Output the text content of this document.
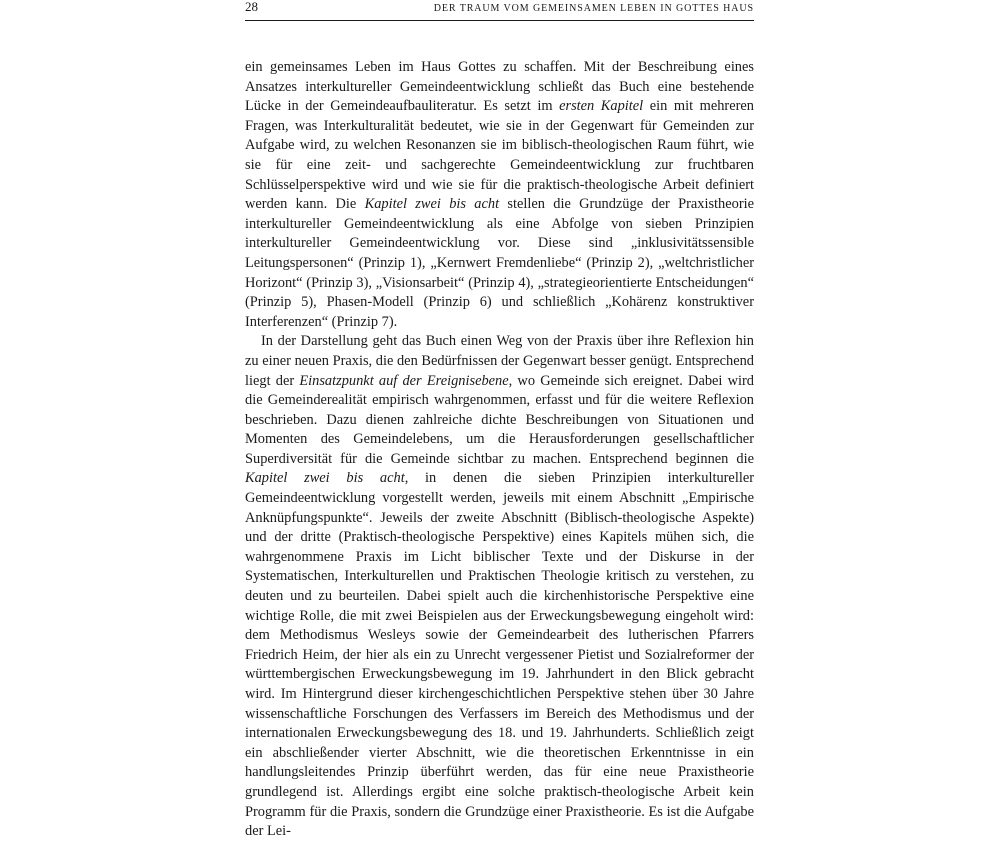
28	DER TRAUM VOM GEMEINSAMEN LEBEN IN GOTTES HAUS

ein gemeinsames Leben im Haus Gottes zu schaffen. Mit der Beschreibung eines Ansatzes interkultureller Gemeindeentwicklung schließt das Buch eine bestehende Lücke in der Gemeindeaufbauliteratur. Es setzt im ersten Kapitel ein mit mehreren Fragen, was Interkulturalität bedeutet, wie sie in der Gegenwart für Gemeinden zur Aufgabe wird, zu welchen Resonanzen sie im biblisch-theologischen Raum führt, wie sie für eine zeit- und sachgerechte Gemeindeentwicklung zur fruchtbaren Schlüsselperspektive wird und wie sie für die praktisch-theologische Arbeit definiert werden kann. Die Kapitel zwei bis acht stellen die Grundzüge der Praxistheorie interkultureller Gemeindeentwicklung als eine Abfolge von sieben Prinzipien interkultureller Gemeindeentwicklung vor. Diese sind „inklusivitätssensible Leitungspersonen“ (Prinzip 1), „Kernwert Fremdenliebe“ (Prinzip 2), „weltchristlicher Horizont“ (Prinzip 3), „Visionsarbeit“ (Prinzip 4), „strategieorientierte Entscheidungen“ (Prinzip 5), Phasen-Modell (Prinzip 6) und schließlich „Kohärenz konstruktiver Interferenzen“ (Prinzip 7).

In der Darstellung geht das Buch einen Weg von der Praxis über ihre Reflexion hin zu einer neuen Praxis, die den Bedürfnissen der Gegenwart besser genügt. Entsprechend liegt der Einsatzpunkt auf der Ereignisebene, wo Gemeinde sich ereignet. Dabei wird die Gemeinderealität empirisch wahrgenommen, erfasst und für die weitere Reflexion beschrieben. Dazu dienen zahlreiche dichte Beschreibungen von Situationen und Momenten des Gemeindelebens, um die Herausforderungen gesellschaftlicher Superdiversität für die Gemeinde sichtbar zu machen. Entsprechend beginnen die Kapitel zwei bis acht, in denen die sieben Prinzipien interkultureller Gemeindeentwicklung vorgestellt werden, jeweils mit einem Abschnitt „Empirische Anknüpfungspunkte“. Jeweils der zweite Abschnitt (Biblisch-theologische Aspekte) und der dritte (Praktisch-theologische Perspektive) eines Kapitels mühen sich, die wahrgenommene Praxis im Licht biblischer Texte und der Diskurse in der Systematischen, Interkulturellen und Praktischen Theologie kritisch zu verstehen, zu deuten und zu beurteilen. Dabei spielt auch die kirchenhistorische Perspektive eine wichtige Rolle, die mit zwei Beispielen aus der Erweckungsbewegung eingeholt wird: dem Methodismus Wesleys sowie der Gemeindearbeit des lutherischen Pfarrers Friedrich Heim, der hier als ein zu Unrecht vergessener Pietist und Sozialreformer der württembergischen Erweckungsbewegung im 19. Jahrhundert in den Blick gebracht wird. Im Hintergrund dieser kirchengeschichtlichen Perspektive stehen über 30 Jahre wissenschaftliche Forschungen des Verfassers im Bereich des Methodismus und der internationalen Erweckungsbewegung des 18. und 19. Jahrhunderts. Schließlich zeigt ein abschließender vierter Abschnitt, wie die theoretischen Erkenntnisse in ein handlungsleitendes Prinzip überführt werden, das für eine neue Praxistheorie grundlegend ist. Allerdings ergibt eine solche praktisch-theologische Arbeit kein Programm für die Praxis, sondern die Grundzüge einer Praxistheorie. Es ist die Aufgabe der Lei-
